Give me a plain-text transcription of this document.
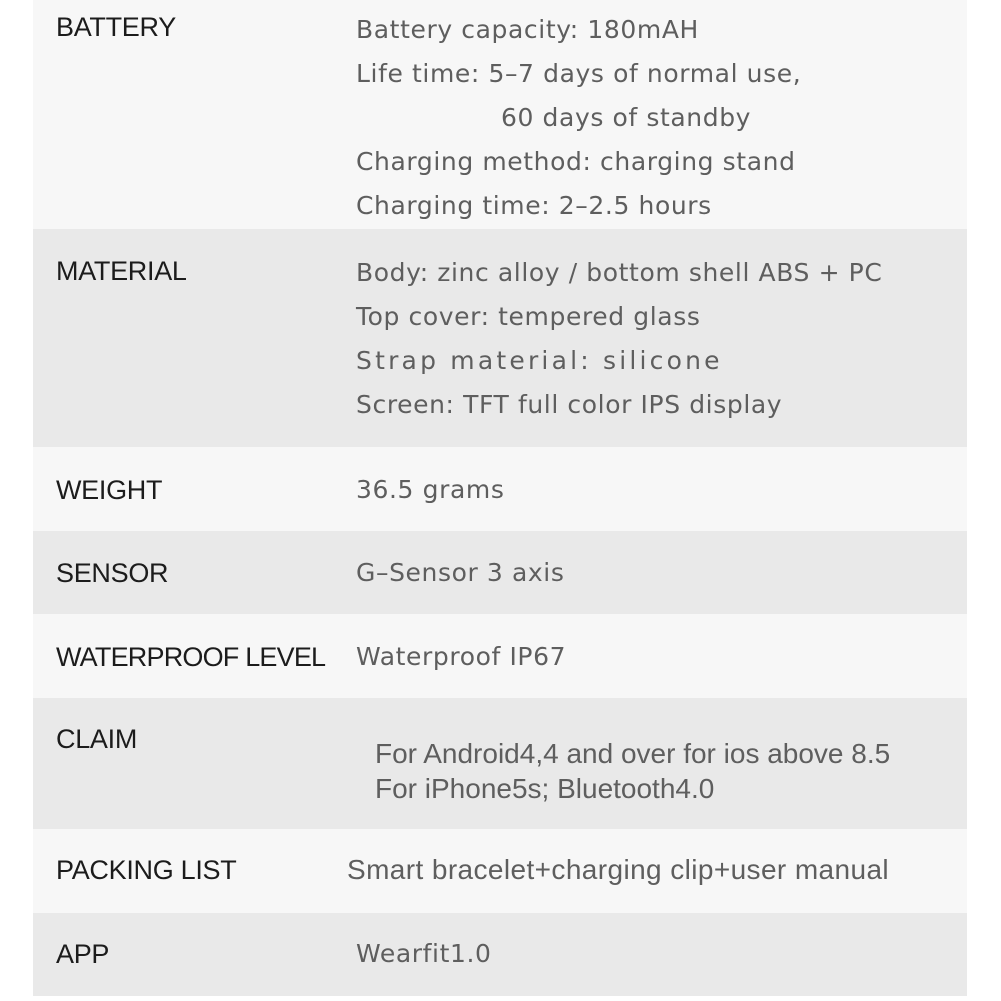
BATTERY	Battery capacity: 180mAH
Life time: 5–7 days of normal use,
60 days of standby
Charging method: charging stand
Charging time: 2–2.5 hours
MATERIAL	Body: zinc alloy / bottom shell ABS + PC
Top cover: tempered glass
Strap material: silicone
Screen: TFT full color IPS display
WEIGHT	36.5 grams
SENSOR	G–Sensor 3 axis
WATERPROOF LEVEL Waterproof IP67
CLAIM	For Android4,4 and over for ios above 8.5
For iPhone5s; Bluetooth4.0
PACKING LIST	Smart bracelet+charging clip+user manual
APP	Wearfit1.0
